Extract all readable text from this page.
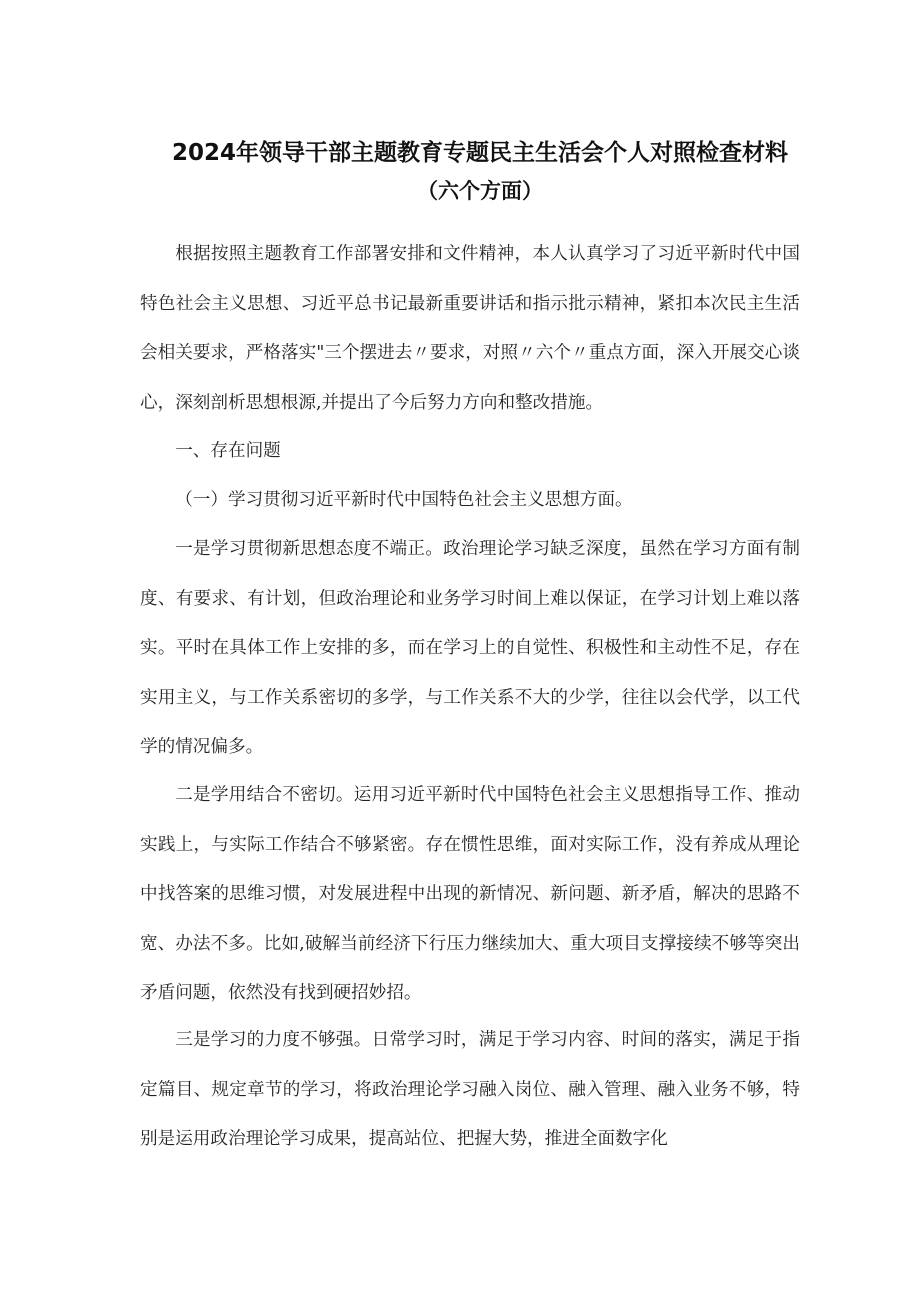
2024年领导干部主题教育专题民主生活会个人对照检查材料
（六个方面）

根据按照主题教育工作部署安排和文件精神，本人认真学习了习近平新时代中国特色社会主义思想、习近平总书记最新重要讲话和指示批示精神，紧扣本次民主生活会相关要求，严格落实"三个摆进去〃要求，对照〃六个〃重点方面，深入开展交心谈心，深刻剖析思想根源,并提出了今后努力方向和整改措施。

一、存在问题

（一）学习贯彻习近平新时代中国特色社会主义思想方面。

一是学习贯彻新思想态度不端正。政治理论学习缺乏深度，虽然在学习方面有制度、有要求、有计划，但政治理论和业务学习时间上难以保证，在学习计划上难以落实。平时在具体工作上安排的多，而在学习上的自觉性、积极性和主动性不足，存在实用主义，与工作关系密切的多学，与工作关系不大的少学，往往以会代学，以工代学的情况偏多。

二是学用结合不密切。运用习近平新时代中国特色社会主义思想指导工作、推动实践上，与实际工作结合不够紧密。存在惯性思维，面对实际工作，没有养成从理论中找答案的思维习惯，对发展进程中出现的新情况、新问题、新矛盾，解决的思路不宽、办法不多。比如,破解当前经济下行压力继续加大、重大项目支撑接续不够等突出矛盾问题，依然没有找到硬招妙招。

三是学习的力度不够强。日常学习时，满足于学习内容、时间的落实，满足于指定篇目、规定章节的学习，将政治理论学习融入岗位、融入管理、融入业务不够，特别是运用政治理论学习成果，提高站位、把握大势，推进全面数字化
